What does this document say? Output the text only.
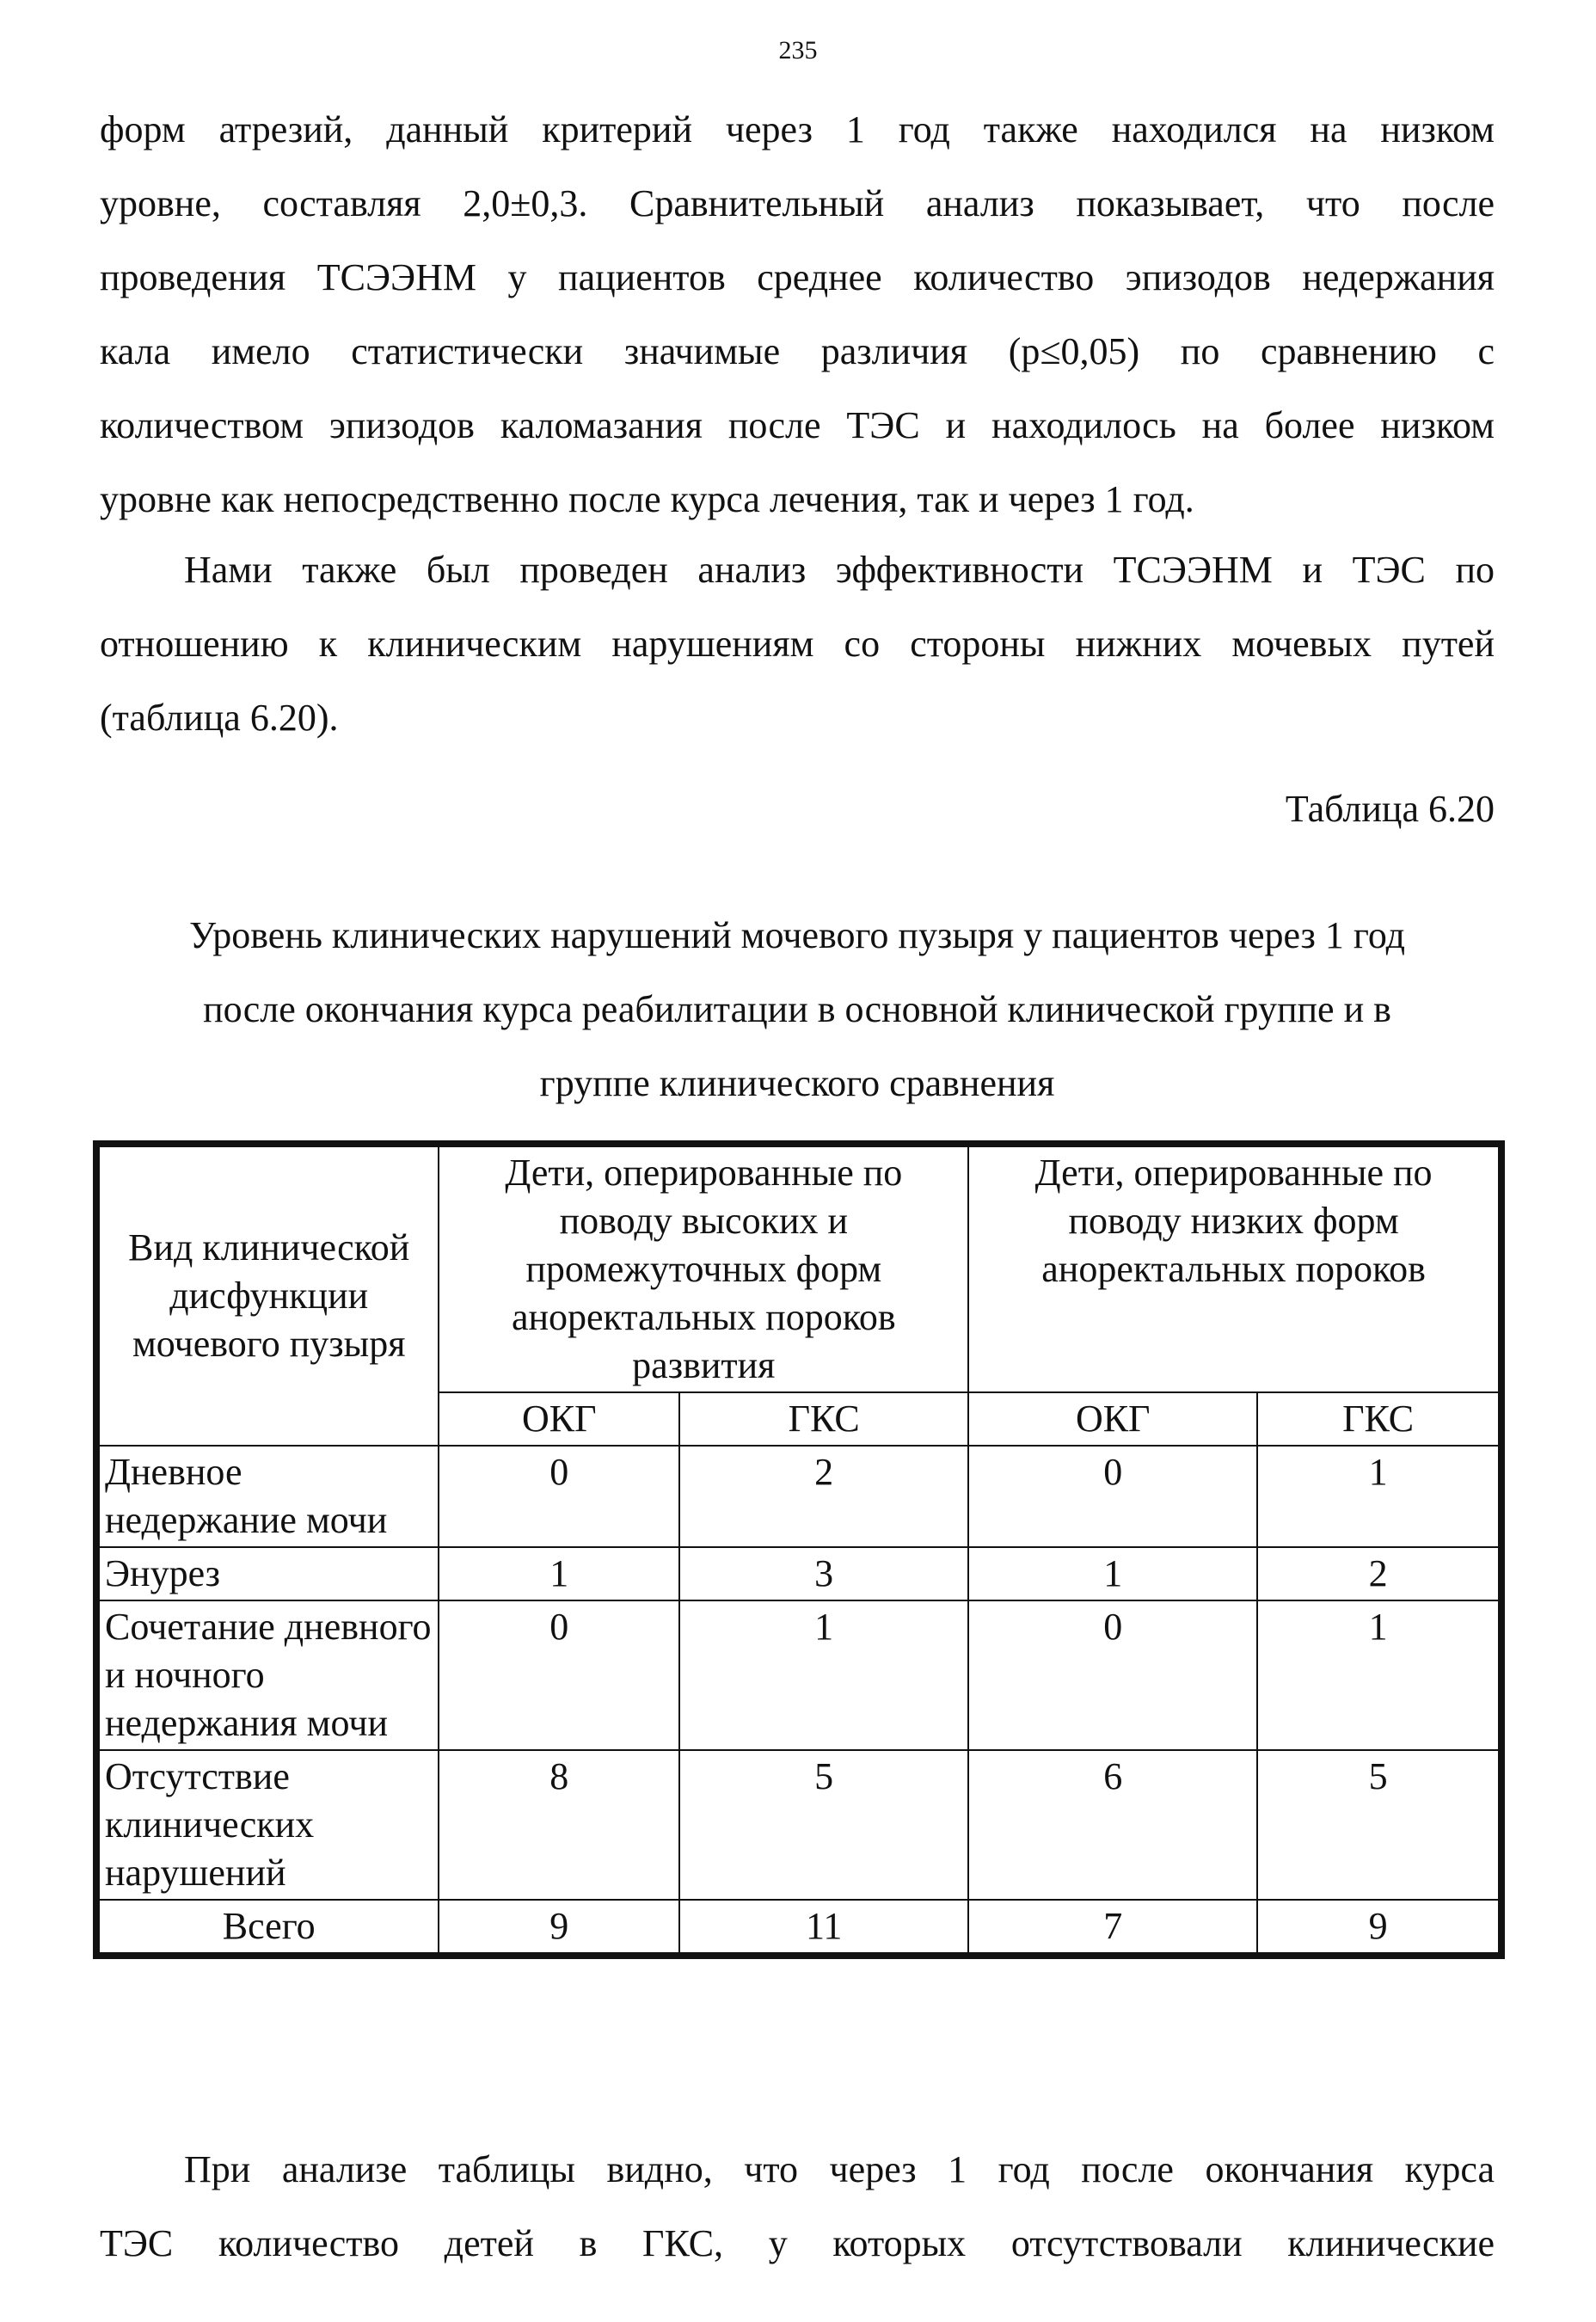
235
форм атрезий, данный критерий через 1 год также находился на низком
уровне, составляя 2,0±0,3. Сравнительный анализ показывает, что после
проведения ТСЭЭНМ у пациентов среднее количество эпизодов недержания
кала имело статистически значимые различия (p≤0,05) по сравнению с
количеством эпизодов каломазания после ТЭС и находилось на более низком
уровне как непосредственно после курса лечения, так и через 1 год.
Нами также был проведен анализ эффективности ТСЭЭНМ и ТЭС по
отношению к клиническим нарушениям со стороны нижних мочевых путей
(таблица 6.20).
Таблица 6.20
Уровень клинических нарушений мочевого пузыря у пациентов через 1 год
после окончания курса реабилитации в основной клинической группе и в
группе клинического сравнения
Вид клинической дисфункции мочевого пузыря	Дети, оперированные по поводу высоких и промежуточных форм аноректальных пороков развития		Дети, оперированные по поводу низких форм аноректальных пороков	
	ОКГ	ГКС	ОКГ	ГКС
Дневное недержание мочи	0	2	0	1
Энурез	1	3	1	2
Сочетание дневного и ночного недержания мочи	0	1	0	1
Отсутствие клинических нарушений	8	5	6	5
Всего	9	11	7	9
При анализе таблицы видно, что через 1 год после окончания курса
ТЭС количество детей в ГКС, у которых отсутствовали клинические
